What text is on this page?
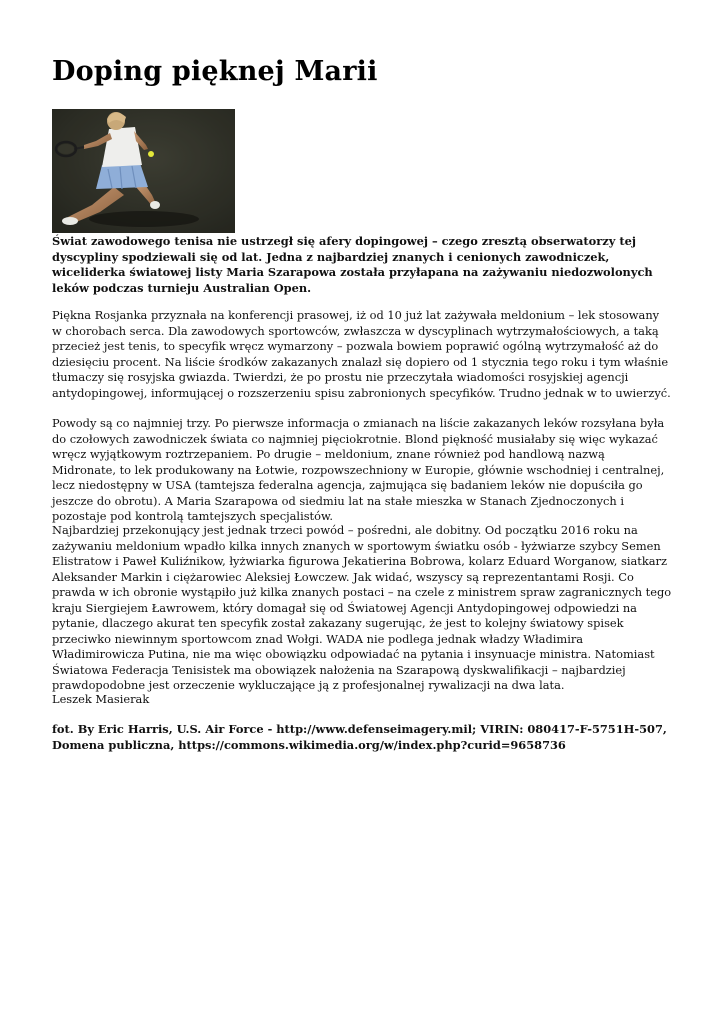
Doping pięknej Marii

Świat zawodowego tenisa nie ustrzegł się afery dopingowej – czego zresztą obserwatorzy tej dyscypliny spodziewali się od lat. Jedna z najbardziej znanych i cenionych zawodniczek, wiceliderka światowej listy Maria Szarapowa została przyłapana na zażywaniu niedozwolonych leków podczas turnieju Australian Open.

Piękna Rosjanka przyznała na konferencji prasowej, iż od 10 już lat zażywała meldonium – lek stosowany w chorobach serca. Dla zawodowych sportowców, zwłaszcza w dyscyplinach wytrzymałościowych, a taką przecież jest tenis, to specyfik wręcz wymarzony – pozwala bowiem poprawić ogólną wytrzymałość aż do dziesięciu procent. Na liście środków zakazanych znalazł się dopiero od 1 stycznia tego roku i tym właśnie tłumaczy się rosyjska gwiazda. Twierdzi, że po prostu nie przeczytała wiadomości rosyjskiej agencji antydopingowej, informującej o rozszerzeniu spisu zabronionych specyfików. Trudno jednak w to uwierzyć.

Powody są co najmniej trzy. Po pierwsze informacja o zmianach na liście zakazanych leków rozsyłana była do czołowych zawodniczek świata co najmniej pięciokrotnie. Blond piękność musiałaby się więc wykazać wręcz wyjątkowym roztrzepaniem. Po drugie – meldonium, znane również pod handlową nazwą Midronate, to lek produkowany na Łotwie, rozpowszechniony w Europie, głównie wschodniej i centralnej, lecz niedostępny w USA (tamtejsza federalna agencja, zajmująca się badaniem leków nie dopuściła go jeszcze do obrotu). A Maria Szarapowa od siedmiu lat na stałe mieszka w Stanach Zjednoczonych i pozostaje pod kontrolą tamtejszych specjalistów.

Najbardziej przekonujący jest jednak trzeci powód – pośredni, ale dobitny. Od początku 2016 roku na zażywaniu meldonium wpadło kilka innych znanych w sportowym światku osób - łyżwiarze szybcy Semen Elistratow i Paweł Kuliźnikow, łyżwiarka figurowa Jekatierina Bobrowa, kolarz Eduard Worganow, siatkarz Aleksander Markin i ciężarowiec Aleksiej Łowczew. Jak widać, wszyscy są reprezentantami Rosji. Co prawda w ich obronie wystąpiło już kilka znanych postaci – na czele z ministrem spraw zagranicznych tego kraju Siergiejem Ławrowem, który domagał się od Światowej Agencji Antydopingowej odpowiedzi na pytanie, dlaczego akurat ten specyfik został zakazany sugerując, że jest to kolejny światowy spisek przeciwko niewinnym sportowcom znad Wołgi. WADA nie podlega jednak władzy Władimira Władimirowicza Putina, nie ma więc obowiązku odpowiadać na pytania i insynuacje ministra. Natomiast Światowa Federacja Tenisistek ma obowiązek nałożenia na Szarapową dyskwalifikacji – najbardziej prawdopodobne jest orzeczenie wykluczające ją z profesjonalnej rywalizacji na dwa lata.

Leszek Masierak

fot. By Eric Harris, U.S. Air Force - http://www.defenseimagery.mil; VIRIN: 080417-F-5751H-507, Domena publiczna, https://commons.wikimedia.org/w/index.php?curid=9658736
